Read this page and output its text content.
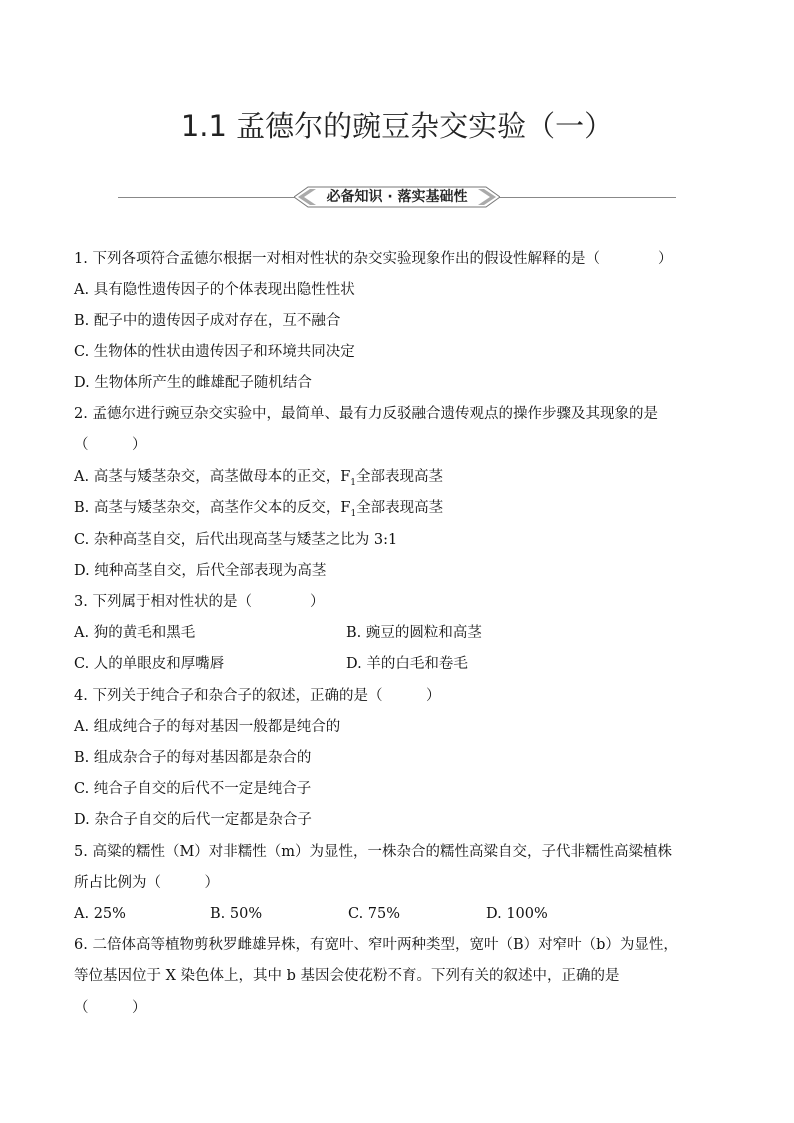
1.1 孟德尔的豌豆杂交实验（一）
必备知识 · 落实基础性
1. 下列各项符合孟德尔根据一对相对性状的杂交实验现象作出的假设性解释的是（　　　　）
A. 具有隐性遗传因子的个体表现出隐性性状
B. 配子中的遗传因子成对存在，互不融合
C. 生物体的性状由遗传因子和环境共同决定
D. 生物体所产生的雌雄配子随机结合
2. 孟德尔进行豌豆杂交实验中，最简单、最有力反驳融合遗传观点的操作步骤及其现象的是
（　　　）
A. 高茎与矮茎杂交，高茎做母本的正交，$F_1$全部表现高茎
B. 高茎与矮茎杂交，高茎作父本的反交，$F_1$全部表现高茎
C. 杂种高茎自交，后代出现高茎与矮茎之比为 3:1
D. 纯种高茎自交，后代全部表现为高茎
3. 下列属于相对性状的是（　　　　）
A. 狗的黄毛和黑毛	B. 豌豆的圆粒和高茎
C. 人的单眼皮和厚嘴唇	D. 羊的白毛和卷毛
4. 下列关于纯合子和杂合子的叙述，正确的是（　　　）
A. 组成纯合子的每对基因一般都是纯合的
B. 组成杂合子的每对基因都是杂合的
C. 纯合子自交的后代不一定是纯合子
D. 杂合子自交的后代一定都是杂合子
5. 高粱的糯性（M）对非糯性（m）为显性，一株杂合的糯性高粱自交，子代非糯性高粱植株
所占比例为（　　　）
A. 25%	B. 50%	C. 75%	D. 100%
6. 二倍体高等植物剪秋罗雌雄异株，有宽叶、窄叶两种类型，宽叶（B）对窄叶（b）为显性，
等位基因位于 X 染色体上，其中 b 基因会使花粉不育。下列有关的叙述中，正确的是
（　　　）
